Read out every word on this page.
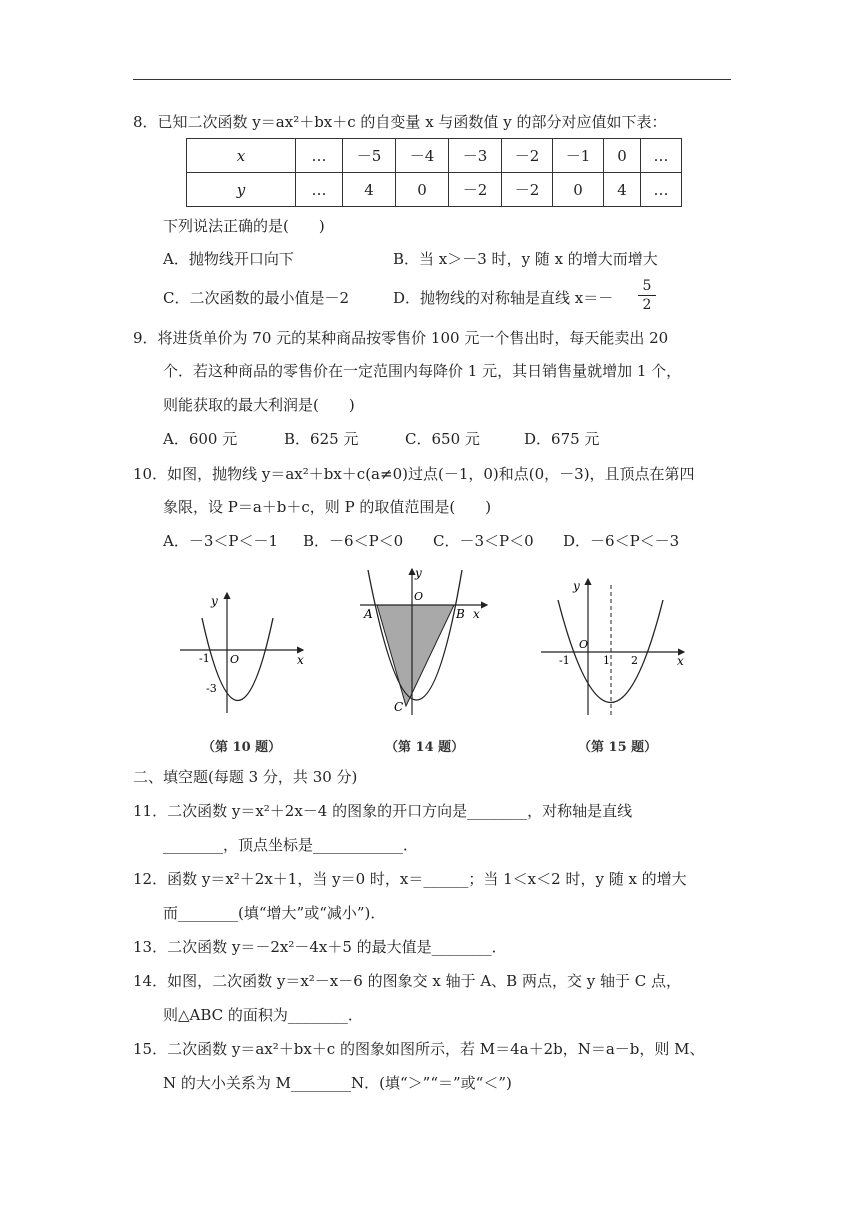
8．已知二次函数 y＝ax²＋bx＋c 的自变量 x 与函数值 y 的部分对应值如下表：
x	…	－5	－4	－3	－2	－1	0	…
y	…	4	0	－2	－2	0	4	…
下列说法正确的是(　　)
A．抛物线开口向下	B．当 x＞－3 时，y 随 x 的增大而增大
C．二次函数的最小值是－2	D．抛物线的对称轴是直线 $x=- \frac{5}{2}$
9．将进货单价为 70 元的某种商品按零售价 100 元一个售出时，每天能卖出 20
个．若这种商品的零售价在一定范围内每降价 1 元，其日销售量就增加 1 个，
则能获取的最大利润是(　　)
A．600 元	B．625 元	C．650 元	D．675 元
10．如图，抛物线 y＝ax²＋bx＋c(a≠0)过点(－1，0)和点(0，－3)，且顶点在第四
象限，设 P＝a＋b＋c，则 P 的取值范围是(　　)
A．－3＜P＜－1 B．－6＜P＜0 C．－3＜P＜0 D．－6＜P＜－3
y
x
O
-1
-3
（第 10 题）
y
x
O
A	B
C
（第 14 题）
y
x
O
-1	1 2
（第 15 题）
二、填空题(每题 3 分，共 30 分)
11．二次函数 y＝x²＋2x－4 的图象的开口方向是________，对称轴是直线
________，顶点坐标是____________．
12．函数 y＝x²＋2x＋1，当 y＝0 时，x＝______；当 1＜x＜2 时，y 随 x 的增大
而________(填“增大”或“减小”)．
13．二次函数 y＝－2x²－4x＋5 的最大值是________．
14．如图，二次函数 y＝x²－x－6 的图象交 x 轴于 A、B 两点，交 y 轴于 C 点，
则△ABC 的面积为________．
15．二次函数 y＝ax²＋bx＋c 的图象如图所示，若 M＝4a＋2b，N＝a－b，则 M、
N 的大小关系为 M________N．(填“＞”“＝”或“＜”)
